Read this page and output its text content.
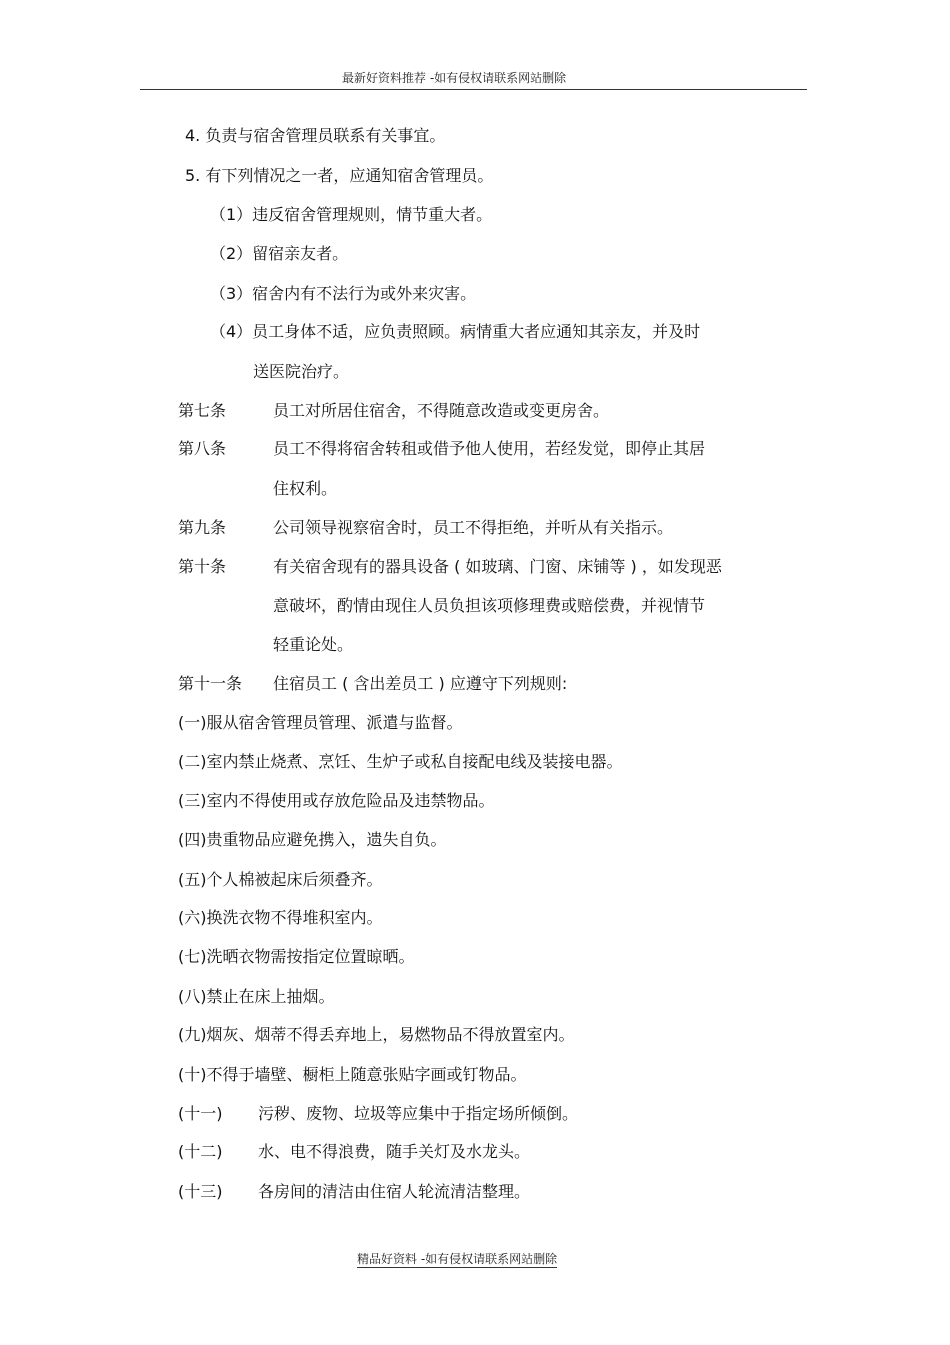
最新好资料推荐 -如有侵权请联系网站删除
4. 负责与宿舍管理员联系有关事宜。
5. 有下列情况之一者，应通知宿舍管理员。
（1）违反宿舍管理规则，情节重大者。
（2）留宿亲友者。
（3）宿舍内有不法行为或外来灾害。
（4）员工身体不适，应负责照顾。病情重大者应通知其亲友，并及时
送医院治疗。
第七条	员工对所居住宿舍，不得随意改造或变更房舍。
第八条	员工不得将宿舍转租或借予他人使用，若经发觉，即停止其居
住权利。
第九条	公司领导视察宿舍时，员工不得拒绝，并听从有关指示。
第十条	有关宿舍现有的器具设备 ( 如玻璃、门窗、床铺等 ) ，如发现恶
意破坏，酌情由现住人员负担该项修理费或赔偿费，并视情节
轻重论处。
第十一条 住宿员工 ( 含出差员工 ) 应遵守下列规则:
(一)服从宿舍管理员管理、派遣与监督。
(二)室内禁止烧煮、烹饪、生炉子或私自接配电线及装接电器。
(三)室内不得使用或存放危险品及违禁物品。
(四)贵重物品应避免携入，遗失自负。
(五)个人棉被起床后须叠齐。
(六)换洗衣物不得堆积室内。
(七)洗晒衣物需按指定位置晾晒。
(八)禁止在床上抽烟。
(九)烟灰、烟蒂不得丢弃地上，易燃物品不得放置室内。
(十)不得于墙壁、橱柜上随意张贴字画或钉物品。
(十一) 污秽、废物、垃圾等应集中于指定场所倾倒。
(十二) 水、电不得浪费，随手关灯及水龙头。
(十三) 各房间的清洁由住宿人轮流清洁整理。
精品好资料 -如有侵权请联系网站删除
